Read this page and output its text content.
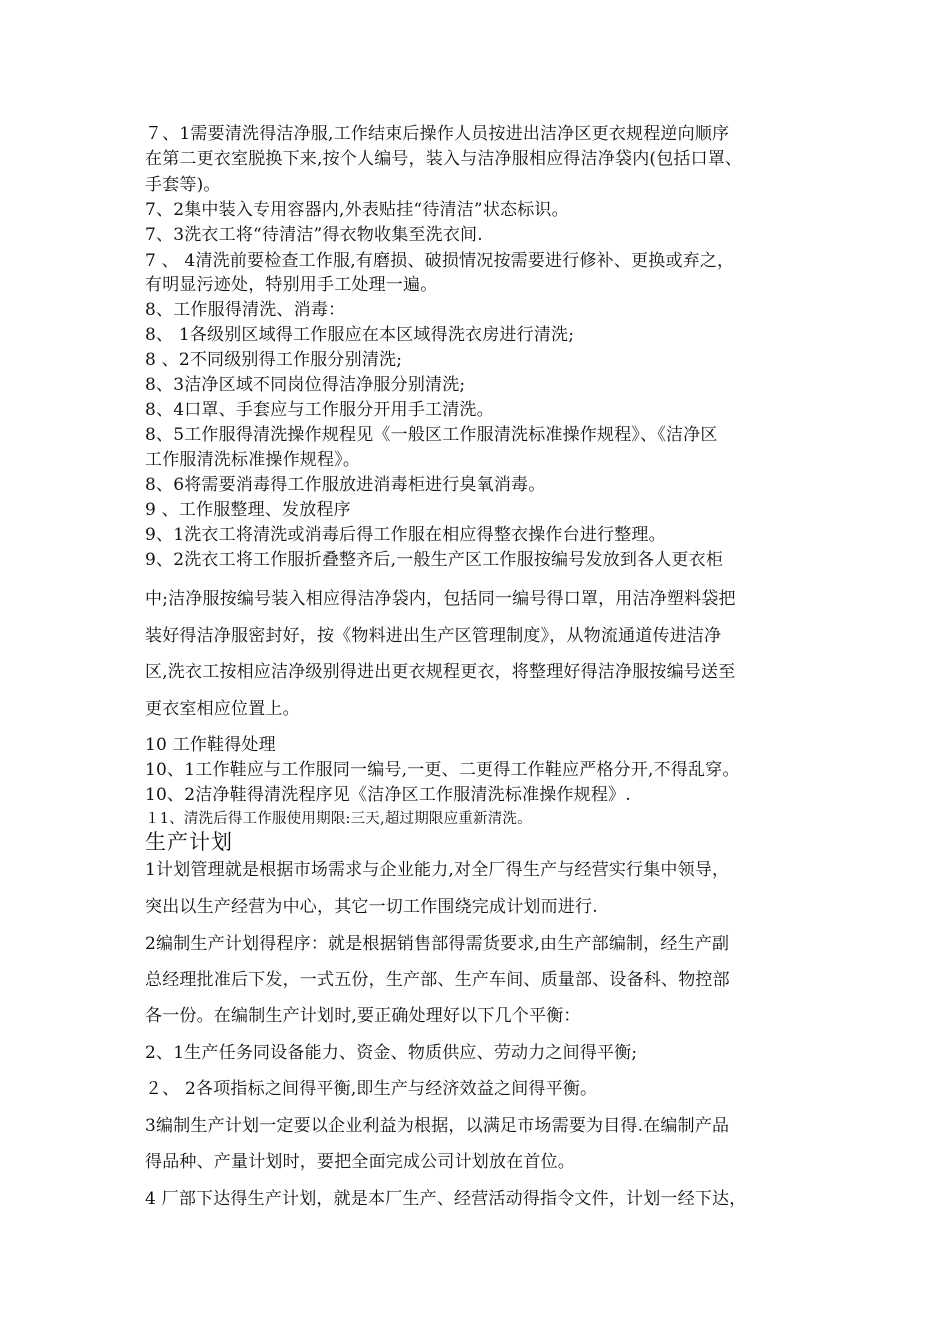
７、1需要清洗得洁净服,工作结束后操作人员按进出洁净区更衣规程逆向顺序
在第二更衣室脱换下来,按个人编号，装入与洁净服相应得洁净袋内(包括口罩、
手套等)。
7、2集中装入专用容器内,外表贴挂“待清洁”状态标识。
7、3洗衣工将“待清洁”得衣物收集至洗衣间.
7 、 4清洗前要检查工作服,有磨损、破损情况按需要进行修补、更换或弃之，
有明显污迹处，特别用手工处理一遍。
8、工作服得清洗、消毒：
8、 1各级别区域得工作服应在本区域得洗衣房进行清洗;
8 、2不同级别得工作服分别清洗;
8、3洁净区域不同岗位得洁净服分别清洗;
8、4口罩、手套应与工作服分开用手工清洗。
8、5工作服得清洗操作规程见《一般区工作服清洗标准操作规程》、《洁净区
工作服清洗标准操作规程》。
8、6将需要消毒得工作服放进消毒柜进行臭氧消毒。
9 、工作服整理、发放程序
9、1洗衣工将清洗或消毒后得工作服在相应得整衣操作台进行整理。
9、2洗衣工将工作服折叠整齐后,一般生产区工作服按编号发放到各人更衣柜
中;洁净服按编号装入相应得洁净袋内，包括同一编号得口罩，用洁净塑料袋把
装好得洁净服密封好，按《物料进出生产区管理制度》，从物流通道传进洁净
区,洗衣工按相应洁净级别得进出更衣规程更衣，将整理好得洁净服按编号送至
更衣室相应位置上。
10 工作鞋得处理
10、1工作鞋应与工作服同一编号,一更、二更得工作鞋应严格分开,不得乱穿。
10、2洁净鞋得清洗程序见《洁净区工作服清洗标准操作规程》.
１1、清洗后得工作服使用期限:三天,超过期限应重新清洗。
生产计划
1计划管理就是根据市场需求与企业能力,对全厂得生产与经营实行集中领导，
突出以生产经营为中心，其它一切工作围绕完成计划而进行.
2编制生产计划得程序：就是根据销售部得需货要求,由生产部编制，经生产副
总经理批准后下发，一式五份，生产部、生产车间、质量部、设备科、物控部
各一份。在编制生产计划时,要正确处理好以下几个平衡：
2、1生产任务同设备能力、资金、物质供应、劳动力之间得平衡;
２、 2各项指标之间得平衡,即生产与经济效益之间得平衡。
3编制生产计划一定要以企业利益为根据，以满足市场需要为目得.在编制产品
得品种、产量计划时，要把全面完成公司计划放在首位。
4 厂部下达得生产计划，就是本厂生产、经营活动得指令文件，计划一经下达，
